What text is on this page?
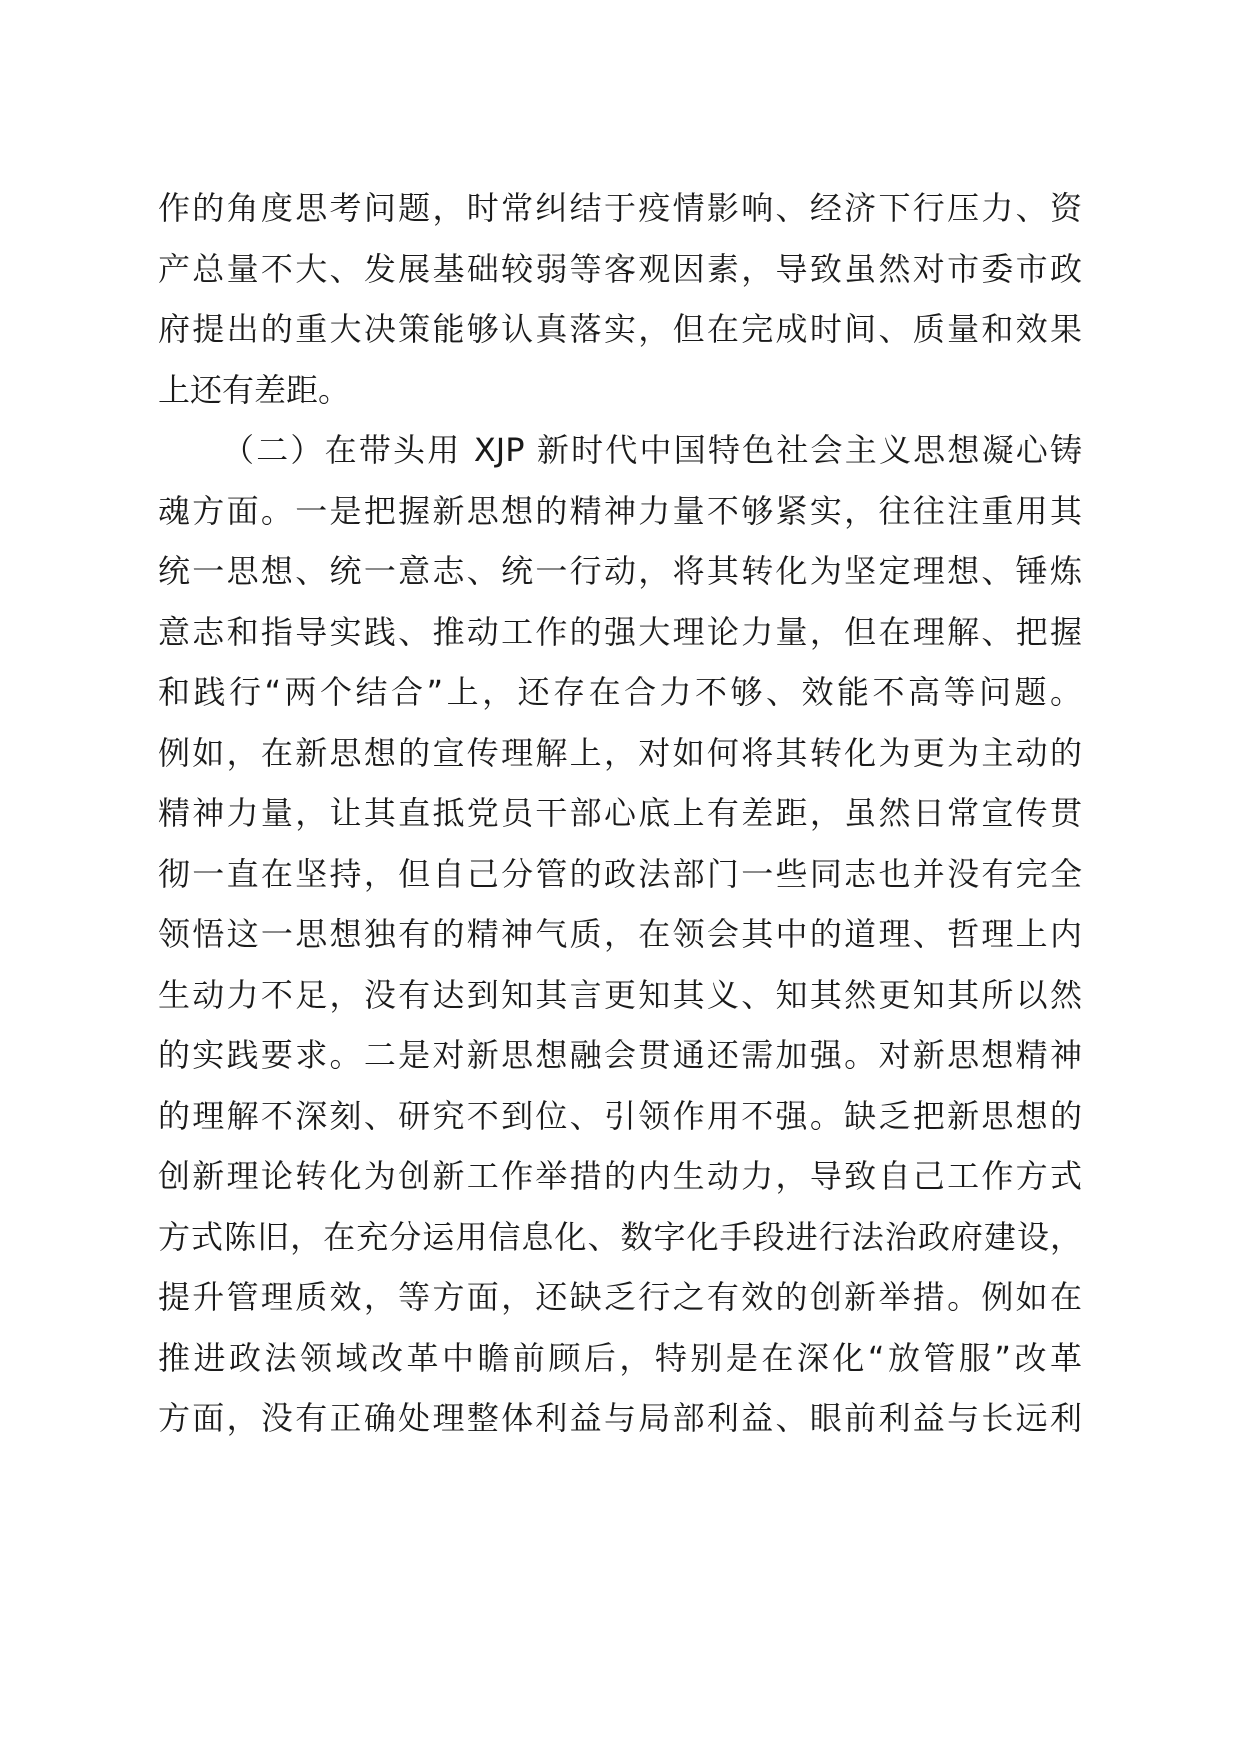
作的角度思考问题，时常纠结于疫情影响、经济下行压力、资
产总量不大、发展基础较弱等客观因素，导致虽然对市委市政
府提出的重大决策能够认真落实，但在完成时间、质量和效果
上还有差距。
（二）在带头用 XJP 新时代中国特色社会主义思想凝心铸
魂方面。一是把握新思想的精神力量不够紧实，往往注重用其
统一思想、统一意志、统一行动，将其转化为坚定理想、锤炼
意志和指导实践、推动工作的强大理论力量，但在理解、把握
和践行“两个结合”上，还存在合力不够、效能不高等问题。
例如，在新思想的宣传理解上，对如何将其转化为更为主动的
精神力量，让其直抵党员干部心底上有差距，虽然日常宣传贯
彻一直在坚持，但自己分管的政法部门一些同志也并没有完全
领悟这一思想独有的精神气质，在领会其中的道理、哲理上内
生动力不足，没有达到知其言更知其义、知其然更知其所以然
的实践要求。二是对新思想融会贯通还需加强。对新思想精神
的理解不深刻、研究不到位、引领作用不强。缺乏把新思想的
创新理论转化为创新工作举措的内生动力，导致自己工作方式
方式陈旧，在充分运用信息化、数字化手段进行法治政府建设，
提升管理质效，等方面，还缺乏行之有效的创新举措。例如在
推进政法领域改革中瞻前顾后，特别是在深化“放管服”改革
方面，没有正确处理整体利益与局部利益、眼前利益与长远利
